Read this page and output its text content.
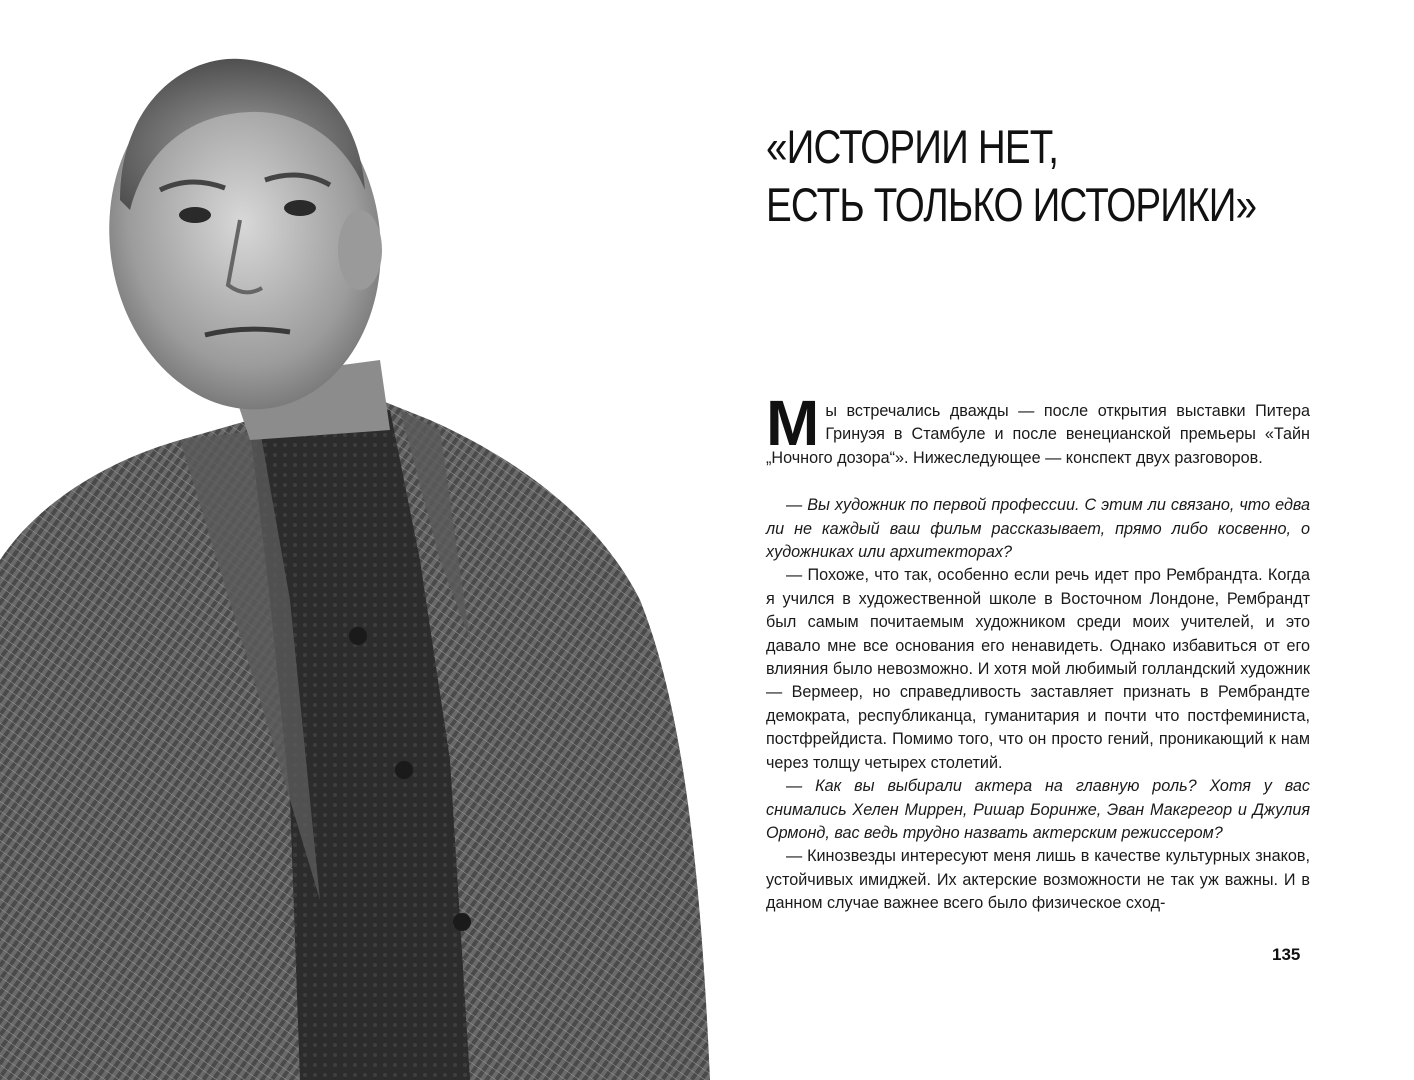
«ИСТОРИИ НЕТ,
ЕСТЬ ТОЛЬКО ИСТОРИКИ»

Мы встречались дважды — после открытия выставки Питера Гринуэя в Стамбуле и после венецианской премьеры «Тайн „Ночного дозора“». Нижеследующее — конспект двух разговоров.

— Вы художник по первой профессии. С этим ли связано, что едва ли не каждый ваш фильм рассказывает, прямо либо косвенно, о художниках или архитекторах?

— Похоже, что так, особенно если речь идет про Рембрандта. Когда я учился в художественной школе в Восточном Лондоне, Рембрандт был самым почитаемым художником среди моих учителей, и это давало мне все основания его ненавидеть. Однако избавиться от его влияния было невозможно. И хотя мой любимый голландский художник — Вермеер, но справедливость заставляет признать в Рембрандте демократа, республиканца, гуманитария и почти что постфеминиста, постфрейдиста. Помимо того, что он просто гений, проникающий к нам через толщу четырех столетий.

— Как вы выбирали актера на главную роль? Хотя у вас снимались Хелен Миррен, Ришар Боринже, Эван Макгрегор и Джулия Ормонд, вас ведь трудно назвать актерским режиссером?

— Кинозвезды интересуют меня лишь в качестве культурных знаков, устойчивых имиджей. Их актерские возможности не так уж важны. И в данном случае важнее всего было физическое сход-

135
